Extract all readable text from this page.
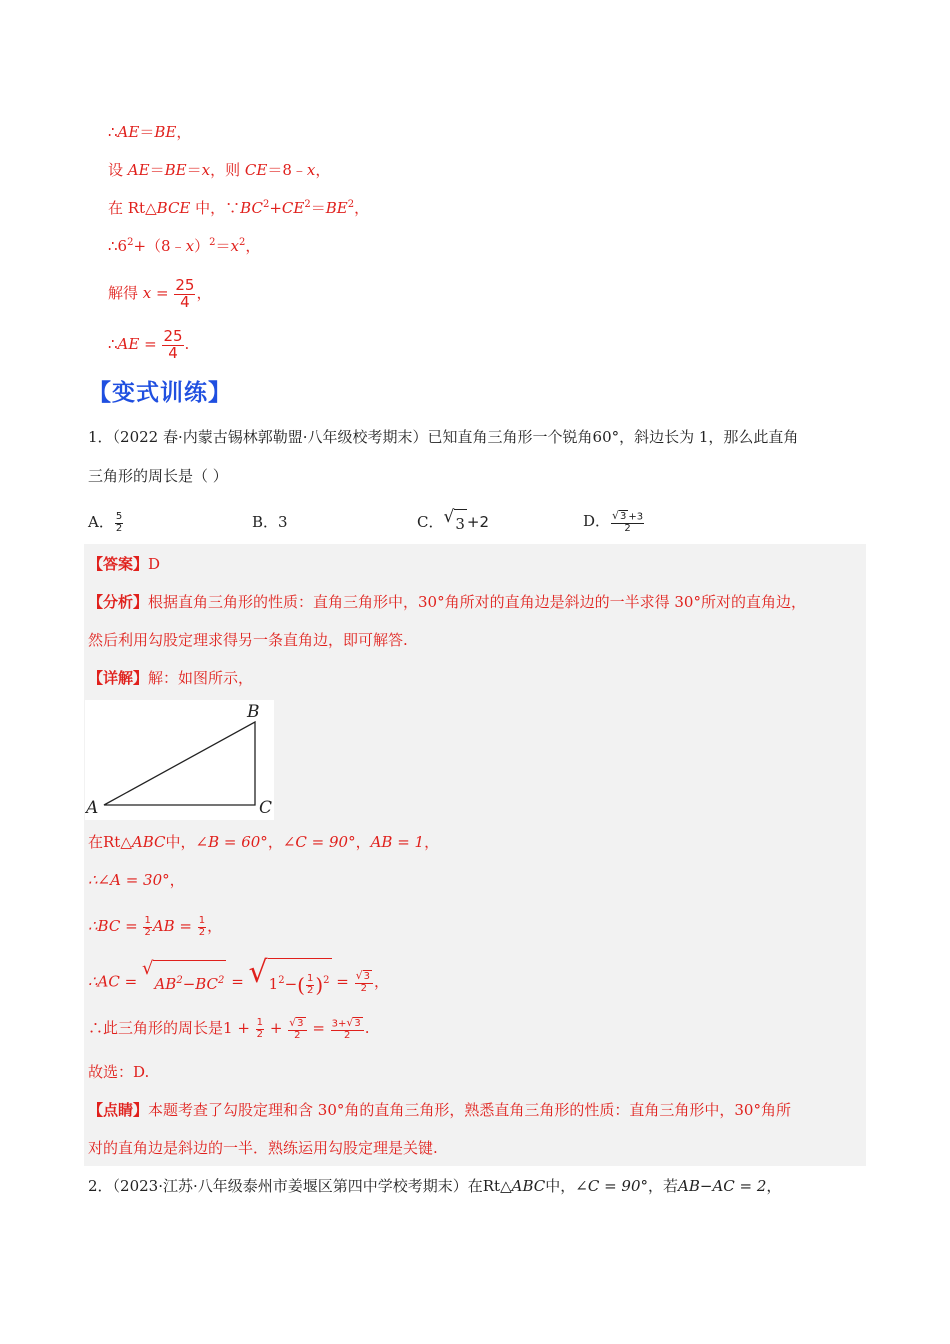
∴AE＝BE，
设 AE＝BE＝x，则 CE＝8﹣x，
在 Rt△BCE 中，$\because BC^2+CE^2=BE^2$，
$\therefore 6^2+(8﹣x)^2=x^2$，
解得 $x = \frac{25}{4}$ ，
∴AE = $\frac{25}{4}$ .
【变式训练】
1．（2022 春·内蒙古锡林郭勒盟·八年级校考期末）已知直角三角形一个锐角60°，斜边长为 1，那么此直角
三角形的周长是（ ）
A． $\frac{5}{2}$	B．3	C． √ 3 +2	D． $\frac{√ 3 +3}{2}$
【答案】D
【分析】根据直角三角形的性质：直角三角形中，30°角所对的直角边是斜边的一半求得 30°所对的直角边，
然后利用勾股定理求得另一条直角边，即可解答.
【详解】解：如图所示，
B
A	C
在Rt△ABC中，∠B = 60°，∠C = 90°，AB = 1，
∴∠A = 30°，
∴BC = $\frac{1}{2}$ AB = $\frac{1}{2}$ ，
∴AC =
√
$AB^2-BC^2$ = √ $1^2-( \frac{1}{2} )^2 = \frac{√ 3}{2}$ ，
∴此三角形的周长是$1 + \frac{1}{2} + \frac{√ 3}{2} = \frac{3+ √ 3}{2}$ .
故选：D.
【点睛】本题考查了勾股定理和含 30°角的直角三角形，熟悉直角三角形的性质：直角三角形中，30°角所
对的直角边是斜边的一半．熟练运用勾股定理是关键.
2．（2023·江苏·八年级泰州市姜堰区第四中学校考期末）在Rt△ABC中，∠C = 90°，若AB−AC = 2，
